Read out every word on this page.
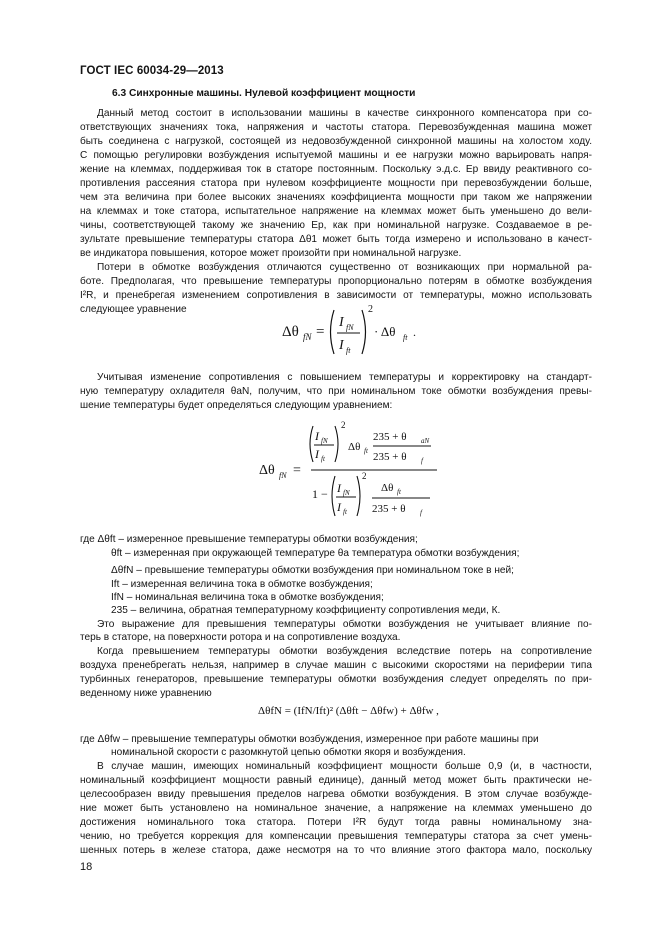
ГОСТ IEC 60034-29—2013
6.3 Синхронные машины. Нулевой коэффициент мощности
Данный метод состоит в использовании машины в качестве синхронного компенсатора при со-
ответствующих значениях тока, напряжения и частоты статора. Перевозбужденная машина может
быть соединена с нагрузкой, состоящей из недовозбужденной синхронной машины на холостом ходу.
С помощью регулировки возбуждения испытуемой машины и ее нагрузки можно варьировать напря-
жение на клеммах, поддерживая ток в статоре постоянным. Поскольку э.д.с. Eр ввиду реактивного со-
противления рассеяния статора при нулевом коэффициенте мощности при перевозбуждении больше,
чем эта величина при более высоких значениях коэффициента мощности при таком же напряжении
на клеммах и токе статора, испытательное напряжение на клеммах может быть уменьшено до вели-
чины, соответствующей такому же значению Eр, как при номинальной нагрузке. Создаваемое в ре-
зультате превышение температуры статора Δθ1 может быть тогда измерено и использовано в качест-
ве индикатора повышения, которое может произойти при номинальной нагрузке.
Потери в обмотке возбуждения отличаются существенно от возникающих при нормальной ра-
боте. Предполагая, что превышение температуры пропорционально потерям в обмотке возбуждения
I²R, и пренебрегая изменением сопротивления в зависимости от температуры, можно использовать
следующее уравнение
Δθ fN =
I fN
I ft
2
· Δθ ft .
Учитывая изменение сопротивления с повышением температуры и корректировку на стандарт-
ную температуру охладителя θaN, получим, что при номинальном токе обмотки возбуждения превы-
шение температуры будет определяться следующим уравнением:
Δθ fN =
I fN
I ft
2
Δθ ft
235 + θ aN
235 + θ f
1 − I fN
I ft
2
Δθ ft
235 + θ f
где Δθft – измеренное превышение температуры обмотки возбуждения;
θft – измеренная при окружающей температуре θa температура обмотки возбуждения;
ΔθfN – превышение температуры обмотки возбуждения при номинальном токе в ней;
Ift – измеренная величина тока в обмотке возбуждения;
IfN – номинальная величина тока в обмотке возбуждения;
235 – величина, обратная температурному коэффициенту сопротивления меди, К.
Это выражение для превышения температуры обмотки возбуждения не учитывает влияние по-
терь в статоре, на поверхности ротора и на сопротивление воздуха.
Когда превышением температуры обмотки возбуждения вследствие потерь на сопротивление
воздуха пренебрегать нельзя, например в случае машин с высокими скоростями на периферии типа
турбинных генераторов, превышение температуры обмотки возбуждения следует определять по при-
веденному ниже уравнению
ΔθfN = (IfN/Ift)² (Δθft − Δθfw) + Δθfw ,
где Δθfw – превышение температуры обмотки возбуждения, измеренное при работе машины при
номинальной скорости с разомкнутой цепью обмотки якоря и возбуждения.
В случае машин, имеющих номинальный коэффициент мощности больше 0,9 (и, в частности,
номинальный коэффициент мощности равный единице), данный метод может быть практически не-
целесообразен ввиду превышения пределов нагрева обмотки возбуждения. В этом случае возбужде-
ние может быть установлено на номинальное значение, а напряжение на клеммах уменьшено до
достижения номинального тока статора. Потери I²R будут тогда равны номинальному зна-
чению, но требуется коррекция для компенсации превышения температуры статора за счет умень-
шенных потерь в железе статора, даже несмотря на то что влияние этого фактора мало, поскольку
18
